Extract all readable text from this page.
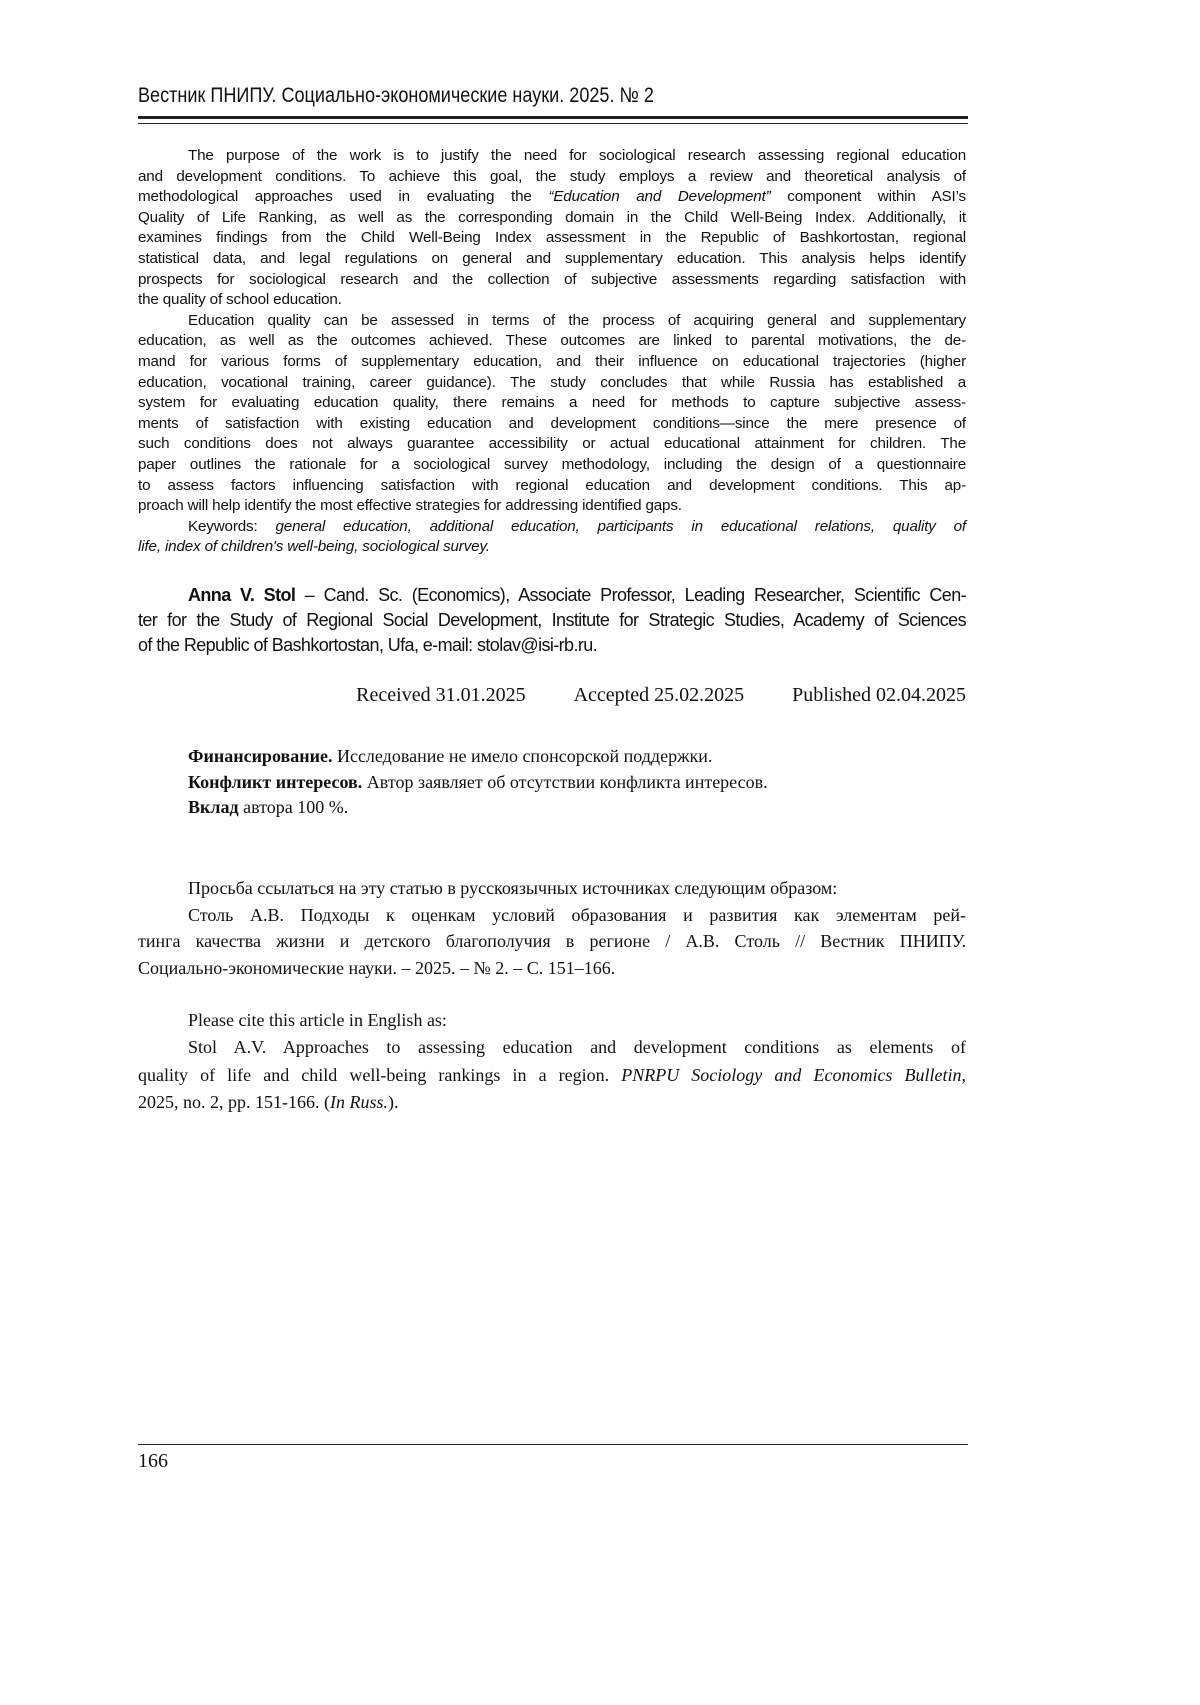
Вестник ПНИПУ. Социально-экономические науки. 2025. № 2
The purpose of the work is to justify the need for sociological research assessing regional education
and development conditions. To achieve this goal, the study employs a review and theoretical analysis of
methodological approaches used in evaluating the “Education and Development” component within ASI’s
Quality of Life Ranking, as well as the corresponding domain in the Child Well-Being Index. Additionally, it
examines findings from the Child Well-Being Index assessment in the Republic of Bashkortostan, regional
statistical data, and legal regulations on general and supplementary education. This analysis helps identify
prospects for sociological research and the collection of subjective assessments regarding satisfaction with
the quality of school education.
Education quality can be assessed in terms of the process of acquiring general and supplementary
education, as well as the outcomes achieved. These outcomes are linked to parental motivations, the de-
mand for various forms of supplementary education, and their influence on educational trajectories (higher
education, vocational training, career guidance). The study concludes that while Russia has established a
system for evaluating education quality, there remains a need for methods to capture subjective assess-
ments of satisfaction with existing education and development conditions—since the mere presence of
such conditions does not always guarantee accessibility or actual educational attainment for children. The
paper outlines the rationale for a sociological survey methodology, including the design of a questionnaire
to assess factors influencing satisfaction with regional education and development conditions. This ap-
proach will help identify the most effective strategies for addressing identified gaps.
Keywords: general education, additional education, participants in educational relations, quality of
life, index of children's well-being, sociological survey.
Anna V. Stol – Cand. Sc. (Economics), Associate Professor, Leading Researcher, Scientific Cen-
ter for the Study of Regional Social Development, Institute for Strategic Studies, Academy of Sciences
of the Republic of Bashkortostan, Ufa, e-mail: stolav@isi-rb.ru.
Received 31.01.2025 Accepted 25.02.2025 Published 02.04.2025
Финансирование. Исследование не имело спонсорской поддержки.
Конфликт интересов. Автор заявляет об отсутствии конфликта интересов.
Вклад автора 100 %.
Просьба ссылаться на эту статью в русскоязычных источниках следующим образом:
Столь А.В. Подходы к оценкам условий образования и развития как элементам рей-
тинга качества жизни и детского благополучия в регионе / А.В. Столь // Вестник ПНИПУ.
Социально-экономические науки. – 2025. – № 2. – С. 151–166.
Please cite this article in English as:
Stol A.V. Approaches to assessing education and development conditions as elements of
quality of life and child well-being rankings in a region. PNRPU Sociology and Economics Bulletin,
2025, no. 2, pp. 151-166. (In Russ.).
166
